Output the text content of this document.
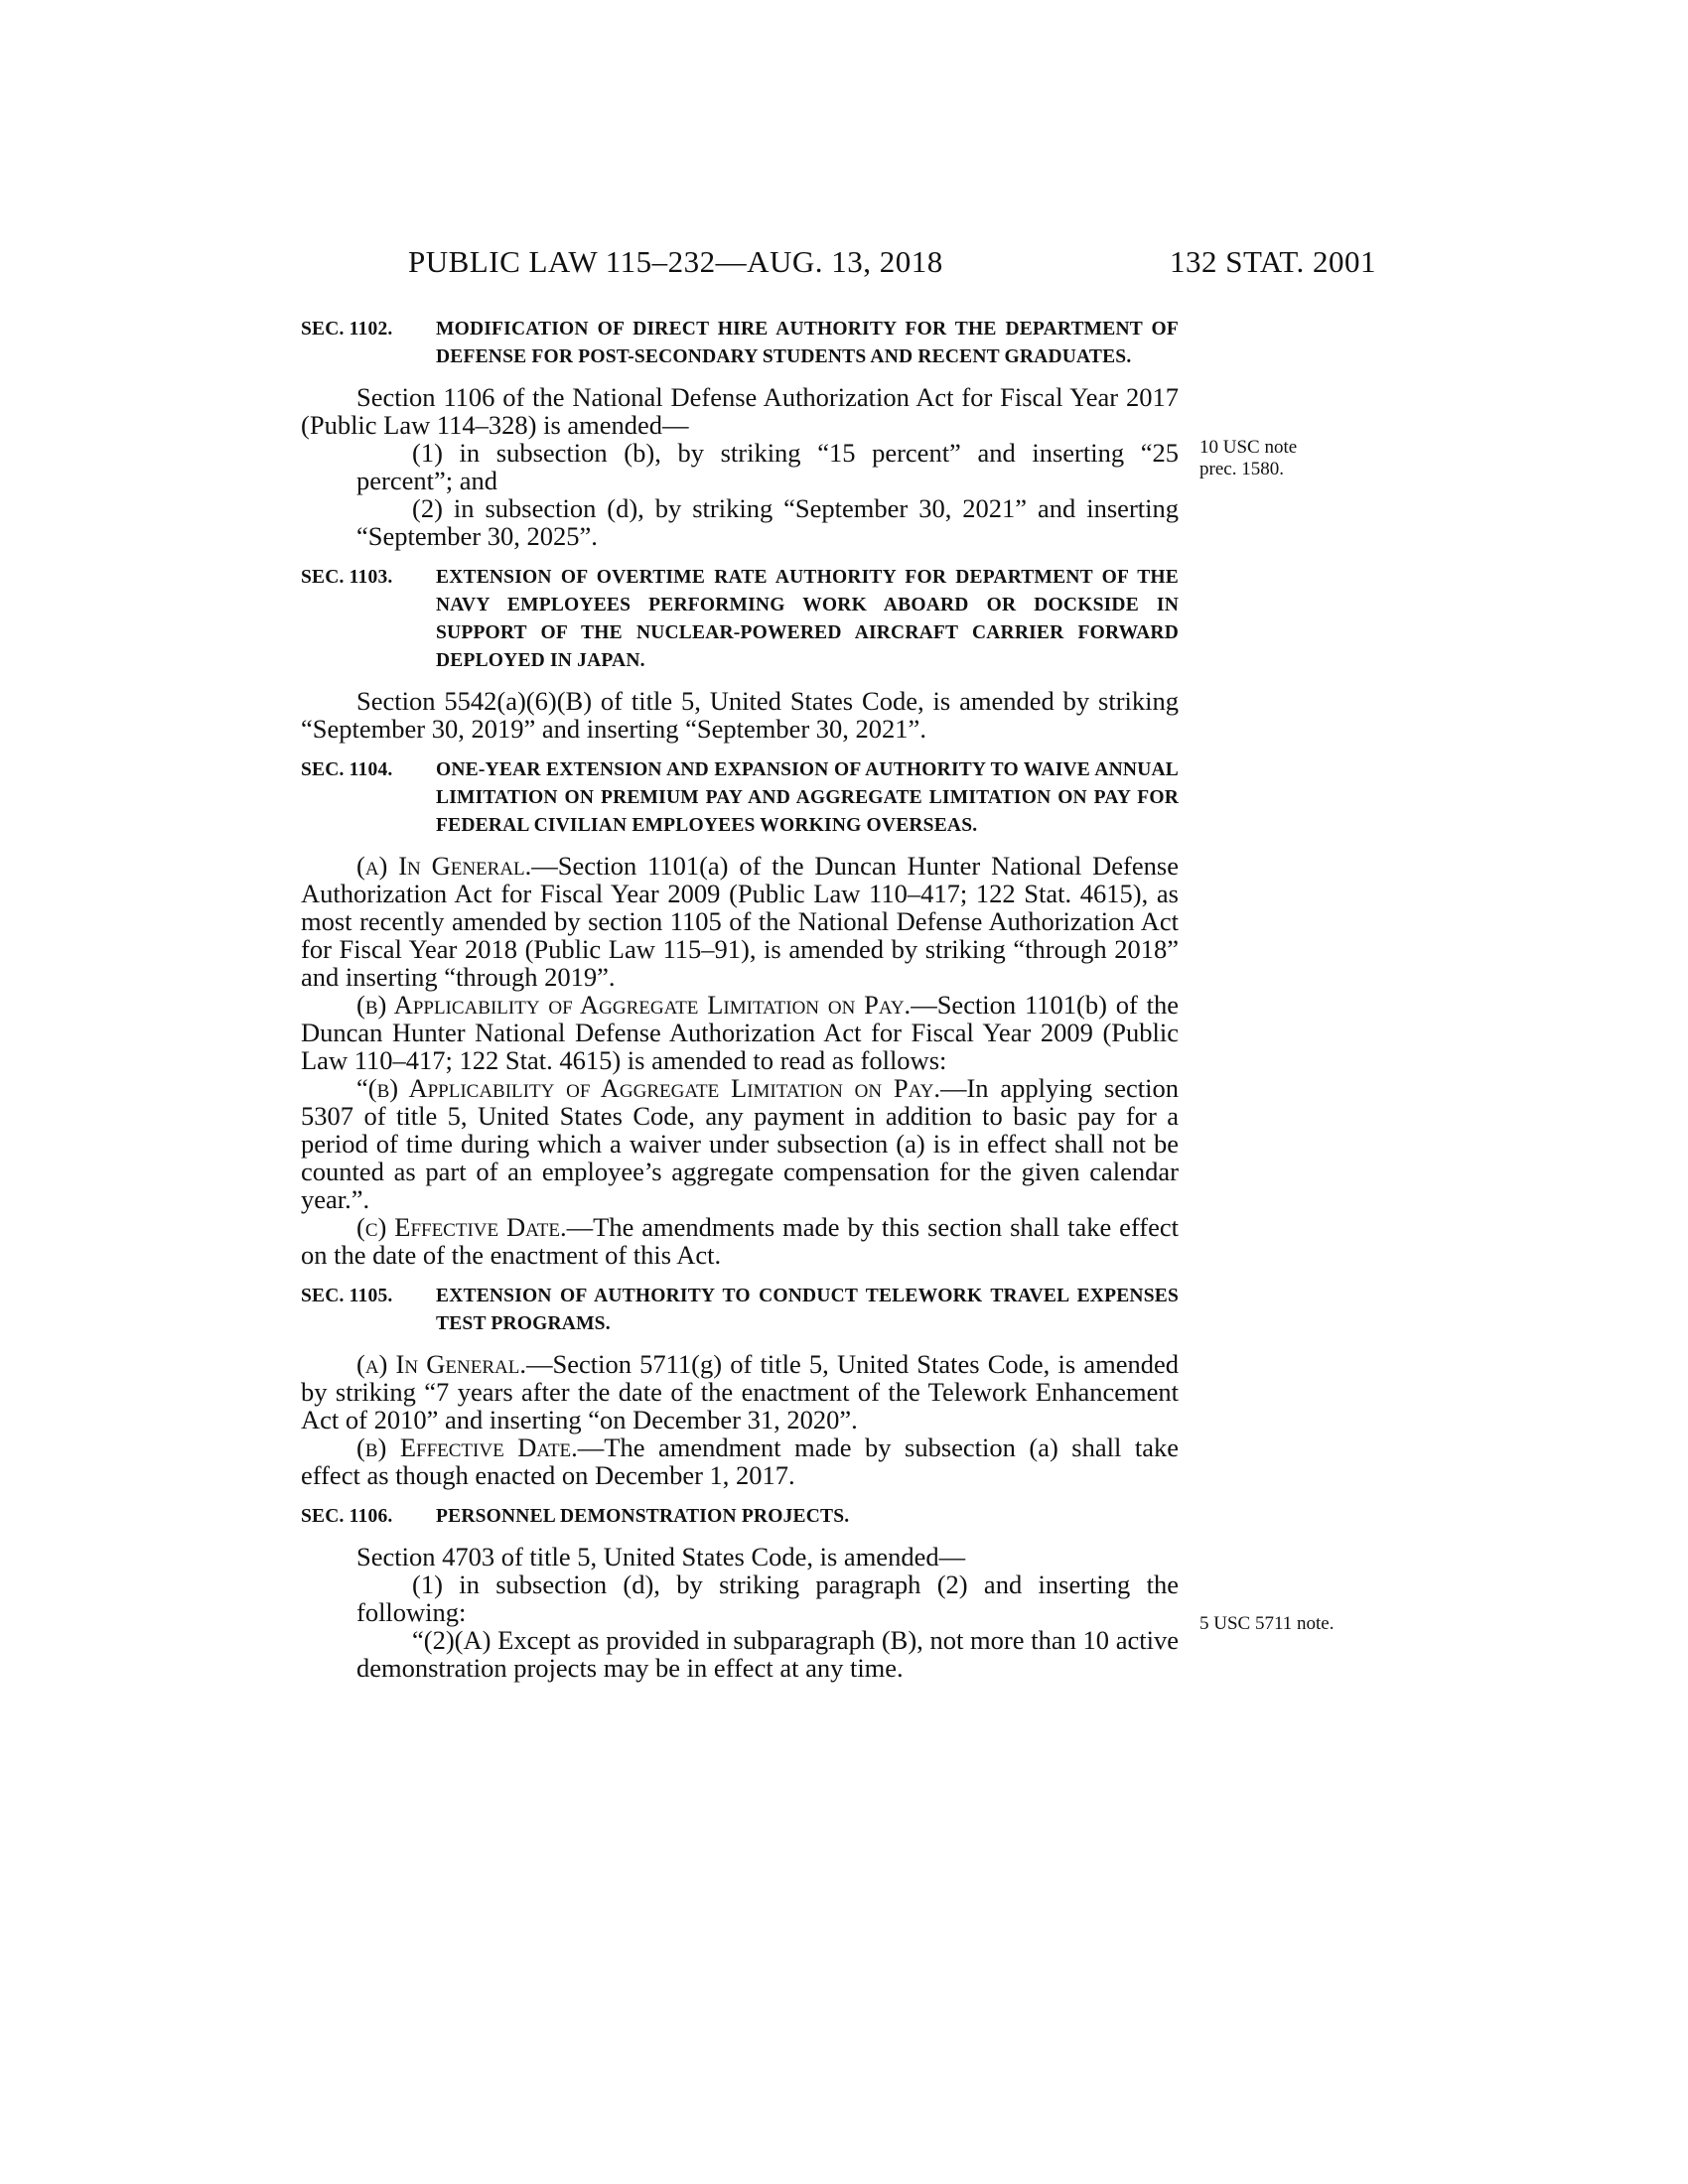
PUBLIC LAW 115–232—AUG. 13, 2018	132 STAT. 2001
10 USC note prec. 1580.
5 USC 5711 note.
SEC. 1102. MODIFICATION OF DIRECT HIRE AUTHORITY FOR THE DEPARTMENT OF DEFENSE FOR POST-SECONDARY STUDENTS AND RECENT GRADUATES.

Section 1106 of the National Defense Authorization Act for Fiscal Year 2017 (Public Law 114–328) is amended—

(1) in subsection (b), by striking “15 percent” and inserting “25 percent”; and

(2) in subsection (d), by striking “September 30, 2021” and inserting “September 30, 2025”.

SEC. 1103. EXTENSION OF OVERTIME RATE AUTHORITY FOR DEPARTMENT OF THE NAVY EMPLOYEES PERFORMING WORK ABOARD OR DOCKSIDE IN SUPPORT OF THE NUCLEAR-POWERED AIRCRAFT CARRIER FORWARD DEPLOYED IN JAPAN.

Section 5542(a)(6)(B) of title 5, United States Code, is amended by striking “September 30, 2019” and inserting “September 30, 2021”.

SEC. 1104. ONE-YEAR EXTENSION AND EXPANSION OF AUTHORITY TO WAIVE ANNUAL LIMITATION ON PREMIUM PAY AND AGGREGATE LIMITATION ON PAY FOR FEDERAL CIVILIAN EMPLOYEES WORKING OVERSEAS.

(a) In General.—Section 1101(a) of the Duncan Hunter National Defense Authorization Act for Fiscal Year 2009 (Public Law 110–417; 122 Stat. 4615), as most recently amended by section 1105 of the National Defense Authorization Act for Fiscal Year 2018 (Public Law 115–91), is amended by striking “through 2018” and inserting “through 2019”.

(b) Applicability of Aggregate Limitation on Pay.—Section 1101(b) of the Duncan Hunter National Defense Authorization Act for Fiscal Year 2009 (Public Law 110–417; 122 Stat. 4615) is amended to read as follows:

“(b) Applicability of Aggregate Limitation on Pay.—In applying section 5307 of title 5, United States Code, any payment in addition to basic pay for a period of time during which a waiver under subsection (a) is in effect shall not be counted as part of an employee’s aggregate compensation for the given calendar year.”.

(c) Effective Date.—The amendments made by this section shall take effect on the date of the enactment of this Act.

SEC. 1105. EXTENSION OF AUTHORITY TO CONDUCT TELEWORK TRAVEL EXPENSES TEST PROGRAMS.

(a) In General.—Section 5711(g) of title 5, United States Code, is amended by striking “7 years after the date of the enactment of the Telework Enhancement Act of 2010” and inserting “on December 31, 2020”.

(b) Effective Date.—The amendment made by subsection (a) shall take effect as though enacted on December 1, 2017.

SEC. 1106. PERSONNEL DEMONSTRATION PROJECTS.

Section 4703 of title 5, United States Code, is amended—

(1) in subsection (d), by striking paragraph (2) and inserting the following:

“(2)(A) Except as provided in subparagraph (B), not more than 10 active demonstration projects may be in effect at any time.
